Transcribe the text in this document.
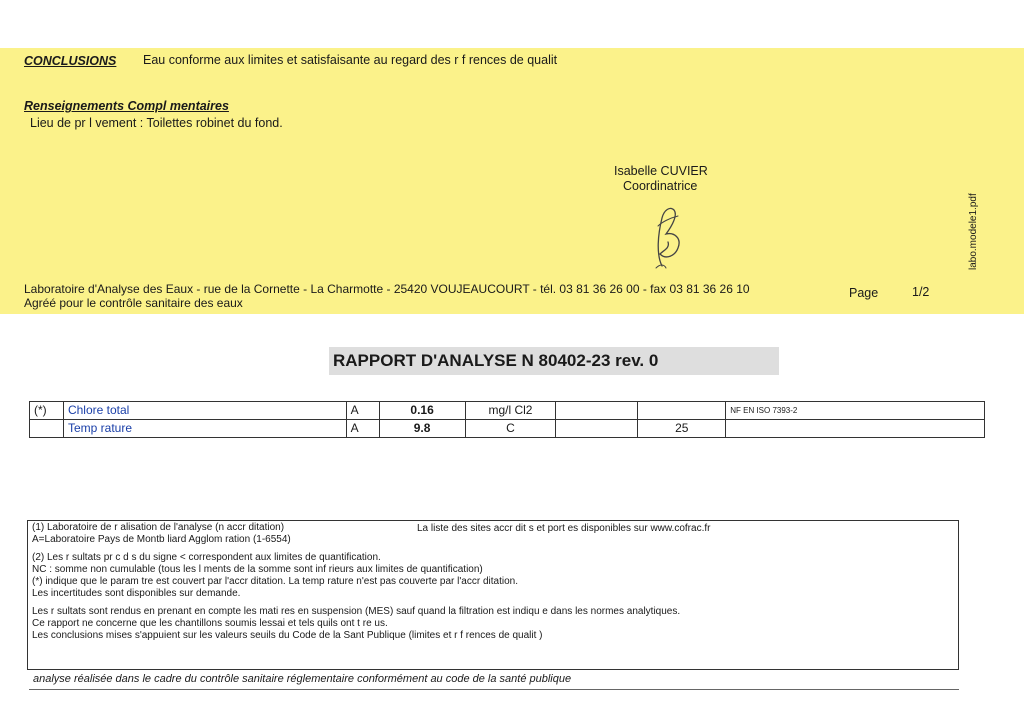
CONCLUSIONS Eau conforme aux limites et satisfaisante au regard des r f rences de qualit
Renseignements Compl mentaires
Lieu de pr l vement : Toilettes robinet du fond.
Isabelle CUVIER
Coordinatrice
Laboratoire d'Analyse des Eaux - rue de la Cornette - La Charmotte - 25420 VOUJEAUCOURT - tél. 03 81 36 26 00 - fax 03 81 36 26 10
Agréé pour le contrôle sanitaire des eaux
Page	1/2
labo.modele1.pdf
RAPPORT D'ANALYSE N 80402-23 rev. 0
(*)	Chlore total	A	0.16	mg/l Cl2			NF EN ISO 7393-2
	Temp rature	A	9.8	C		25	
(1) Laboratoire de r alisation de l'analyse (n accr ditation)	La liste des sites accr dit s et port es disponibles sur www.cofrac.fr
A=Laboratoire Pays de Montb liard Agglom ration (1-6554)
(2) Les r sultats pr c d s du signe < correspondent aux limites de quantification.
NC : somme non cumulable (tous les l ments de la somme sont inf rieurs aux limites de quantification)
(*) indique que le param tre est couvert par l'accr ditation. La temp rature n'est pas couverte par l'accr ditation.
Les incertitudes sont disponibles sur demande.
Les r sultats sont rendus en prenant en compte les mati res en suspension (MES) sauf quand la filtration est indiqu e dans les normes analytiques.
Ce rapport ne concerne que les chantillons soumis lessai et tels quils ont t re us.
Les conclusions mises s'appuient sur les valeurs seuils du Code de la Sant Publique (limites et r f rences de qualit )
analyse réalisée dans le cadre du contrôle sanitaire réglementaire conformément au code de la santé publique
